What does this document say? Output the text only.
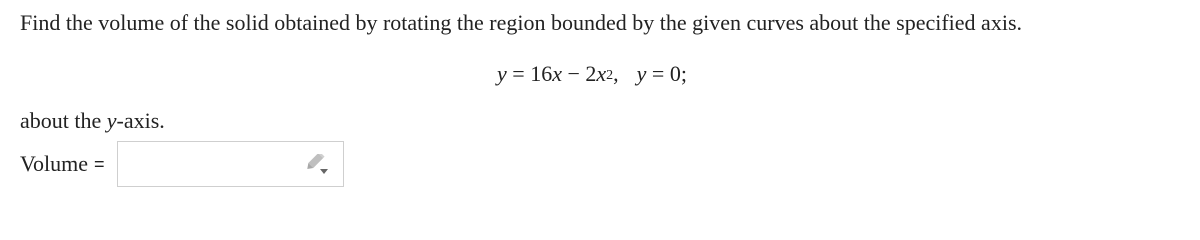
Find the volume of the solid obtained by rotating the region bounded by the given curves about the specified axis.

y = 16 x − 2 $x^2$ , y = 0 ;
about the y-axis.
Volume =
